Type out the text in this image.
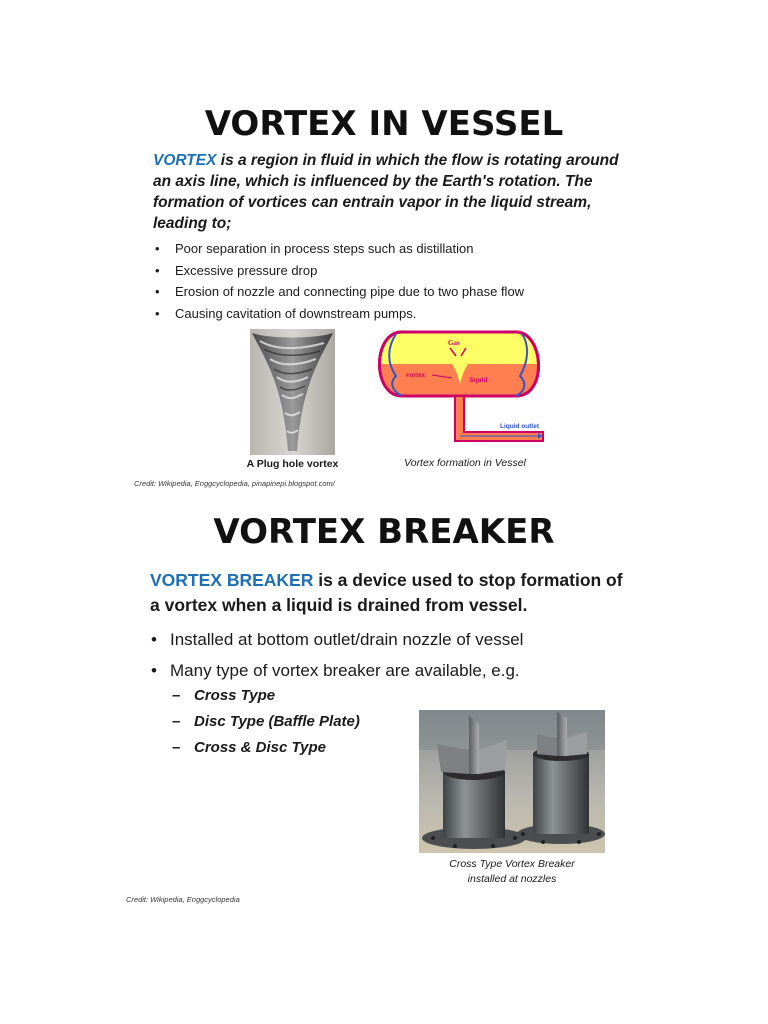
VORTEX IN VESSEL
VORTEX is a region in fluid in which the flow is rotating around an axis line, which is influenced by the Earth's rotation. The formation of vortices can entrain vapor in the liquid stream, leading to;
• Poor separation in process steps such as distillation
• Excessive pressure drop
• Erosion of nozzle and connecting pipe due to two phase flow
• Causing cavitation of downstream pumps.
A Plug hole vortex
Gas
vortex
liquid
Liquid outlet
Vortex formation in Vessel
Credit: Wikipedia, Enggcyclopedia, pinapinepi.blogspot.com/
VORTEX BREAKER
VORTEX BREAKER is a device used to stop formation of a vortex when a liquid is drained from vessel.
• Installed at bottom outlet/drain nozzle of vessel
• Many type of vortex breaker are available, e.g.
– Cross Type
– Disc Type (Baffle Plate)
– Cross & Disc Type
Cross Type Vortex Breaker
installed at nozzles
Credit: Wikipedia, Enggcyclopedia
